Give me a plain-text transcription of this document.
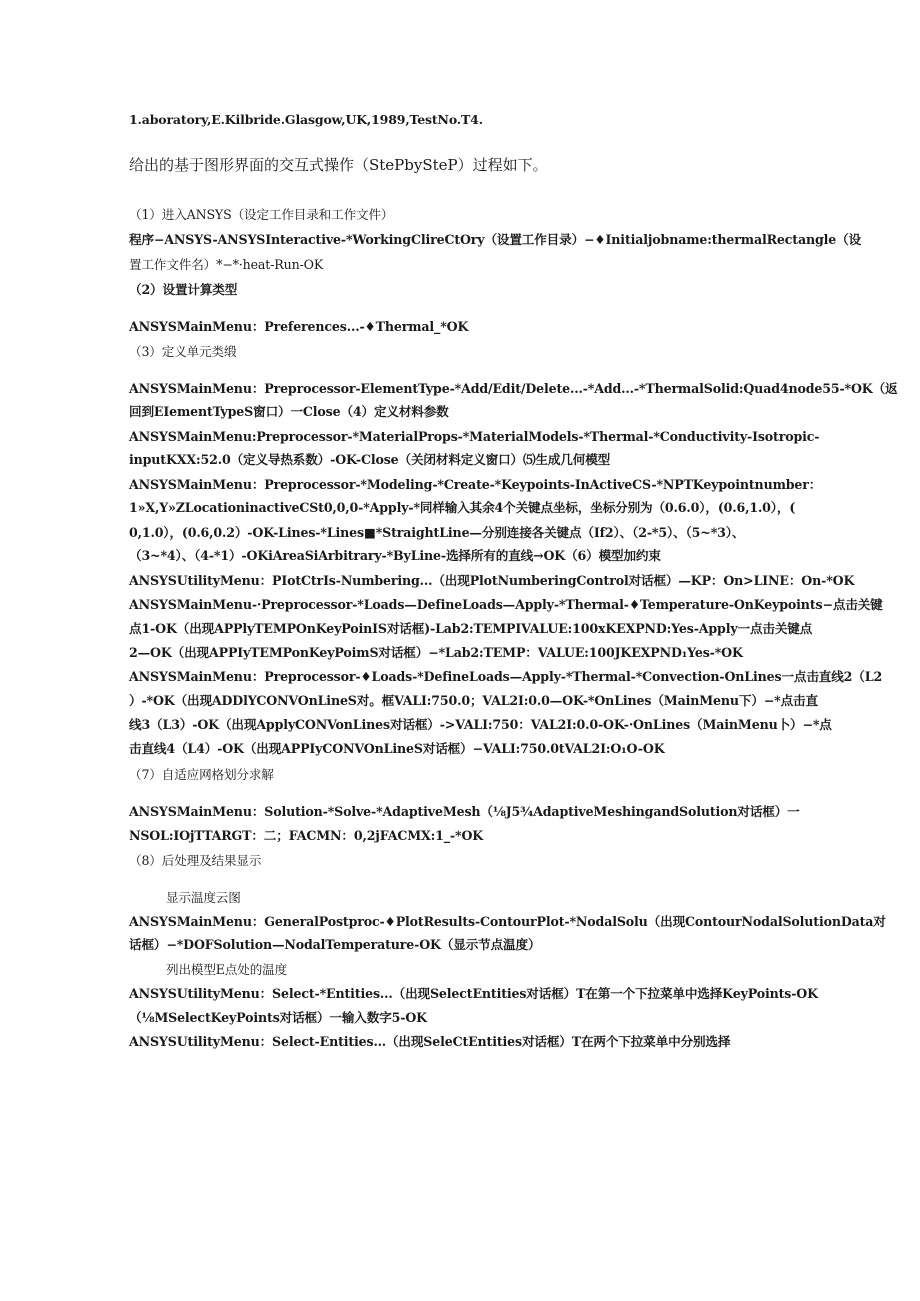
1.aboratory,E.Kilbride.Glasgow,UK,1989,TestNo.T4.
给出的基于图形界面的交互式操作（StePbySteP）过程如下。
（1）进入ANSYS（设定工作目录和工作文件）
程序−ANSYS-ANSYSInteractive-*WorkingClireCtOry（设置工作目录）−♦Initialjobname:thermalRectangle（设
置工作文件名）*−*·heat-Run-OK
（2）设置计算类型
ANSYSMainMenu：Preferences...-♦Thermal_*OK
（3）定义单元类缎
ANSYSMainMenu：Preprocessor-ElementType-*Add/Edit/Delete...-*Add...-*ThermalSolid:Quad4node55-*OK（返
回到EIementTypeS窗口）一Close（4）定义材料参数
ANSYSMainMenu:Preprocessor-*MaterialProps-*MaterialModels-*Thermal-*Conductivity-Isotropic-
inputKXX:52.0（定义导热系数）-OK-Close（关闭材料定义窗口）⑸生成几何模型
ANSYSMainMenu：Preprocessor-*Modeling-*Create-*Keypoints-InActiveCS-*NPTKeypointnumber：
1»X,Y»ZLocationinactiveCSt0,0,0-*Apply-*同样输入其余4个关键点坐标，坐标分别为（0.6.0），(0.6,1.0），(
0,1.0），(0.6,0.2）-OK-Lines-*Lines■*StraightLine—分别连接各关键点（If2）、（2-*5）、（5~*3）、
（3~*4）、（4-*1）-OKiAreaSiArbitrary-*ByLine-选择所有的直线→OK（6）模型加约束
ANSYSUtilityMenu：PIotCtrIs-Numbering...（出现PlotNumberingControl对话框）—KP：On>LINE：On-*OK
ANSYSMainMenu-·Preprocessor-*Loads—DefineLoads—Apply-*Thermal-♦Temperature-OnKeypoints−点击关键
点1-OK（出现APPlyTEMPOnKeyPoinIS对话框)-Lab2:TEMPIVALUE:100xKEXPND:Yes-Apply一点击关键点
2—OK（出现APPIyTEMPonKeyPoimS对话框）−*Lab2:TEMP：VALUE:100JKEXPND₁Yes-*OK
ANSYSMainMenu：Preprocessor-♦Loads-*DefineLoads—Apply-*Thermal-*Convection-OnLines一点击直线2（L2
）-*OK（出现ADDlYCONVOnLineS对。框VALI:750.0；VAL2I:0.0—OK-*OnLines（MainMenu下）−*点击直
线3（L3）-OK（出现ApplyCONVonLines对话框）->VALI:750：VAL2I:0.0-OK-·OnLines（MainMenu卜）−*点
击直线4（L4）-OK（出现APPIyCONVOnLineS对话框）−VALI:750.0tVAL2I:O₁O-OK
（7）自适应网格划分求解
ANSYSMainMenu：Solution-*Solve-*AdaptiveMesh（⅛J5¾AdaptiveMeshingandSolution对话框）一
NSOL:IOjTTARGT：二；FACMN：0,2jFACMX:1_-*OK
（8）后处理及结果显示
显示温度云图
ANSYSMainMenu：GeneralPostproc-♦PlotResults-ContourPlot-*NodalSolu（出现ContourNodalSolutionData对
话框）−*DOFSolution—NodalTemperature-OK（显示节点温度）
列出模型E点处的温度
ANSYSUtilityMenu：Select-*Entities...（出现SelectEntities对话框）T在第一个下拉菜单中选择KeyPoints-OK
（⅛MSelectKeyPoints对话框）一输入数字5-OK
ANSYSUtilityMenu：Select-Entities…（出现SeleCtEntities对话框）T在两个下拉菜单中分别选择
